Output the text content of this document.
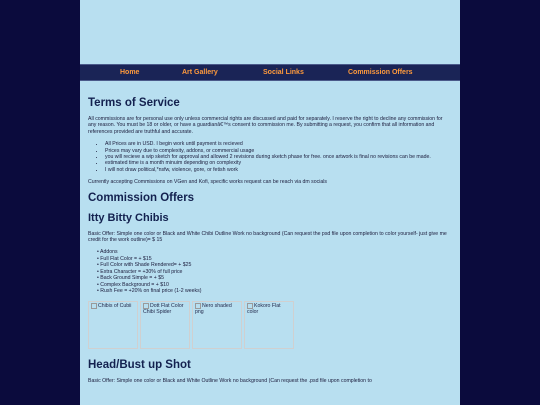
Home	Art Gallery	Social Links	Commission Offers
Terms of Service

All commissions are for personal use only unless commercial rights are discussed and paid for separately. I reserve the right to decline any commission for any reason. You must be 18 or older, or have a guardianâ€™s consent to commission me. By submitting a request, you confirm that all information and references provided are truthful and accurate.

• All Prices are in USD. I begin work until payment is recieved
• Prices may vary due to complexity, addons, or commercial usage
• you will recieve a wip sketch for approval and allowed 2 revisions during sketch phase for free. once artwork is final no revisions can be made.
• estimated time is a month minuim depending on complexity
• I will not draw political,*nsfw, violence, gore, or fetish work

Currently accepting Commissions on VGen and Kofi, specific works request can be reach via dm socials

Commission Offers
Itty Bitty Chibis

Basic Offer: Simple one color or Black and White Chibi Outline Work no background (Can request the psd file upon completion to color yourself- just give me credit for the work outline)= $ 15

• Addons
• Full Flat Color = + $15
• Full Color with Shade Rendered= + $25
• Extra Character = +30% of full price
• Back Ground Simple = + $5
• Complex Background = + $10
• Rush Fee = +20% on final price (1-2 weeks)
Chibis of Cubii	Dott Flat Color Chibi Spider
Nero shaded png
Kokoro Flat color
Head/Bust up Shot

Basic Offer: Simple one color or Black and White Outline Work no background (Can request the .psd file upon completion to
